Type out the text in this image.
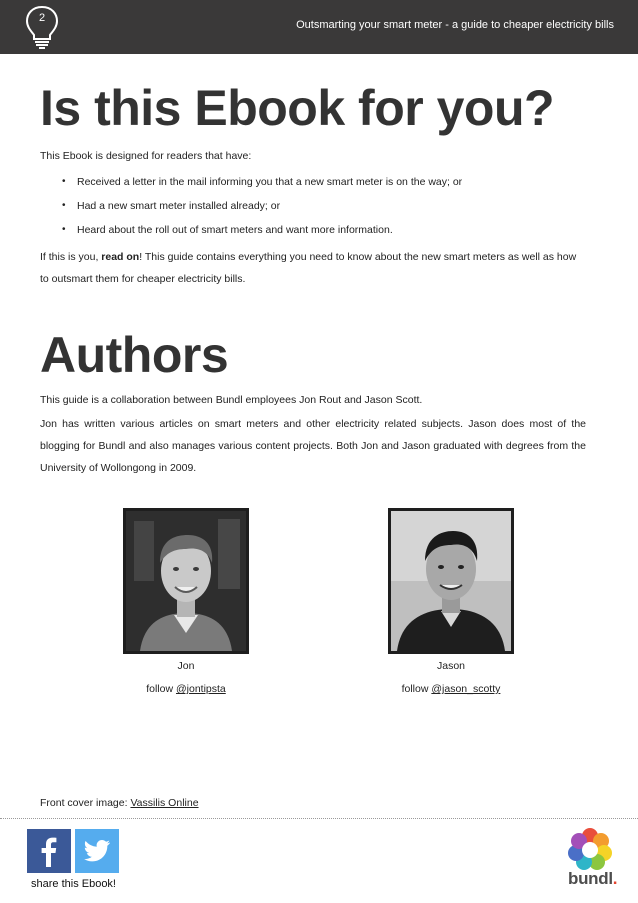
2
Outsmarting your smart meter - a guide to cheaper electricity bills
Is this Ebook for you?
This Ebook is designed for readers that have:
• Received a letter in the mail informing you that a new smart meter is on the way; or
• Had a new smart meter installed already; or
• Heard about the roll out of smart meters and want more information.
If this is you, read on! This guide contains everything you need to know about the new smart meters as well as how to outsmart them for cheaper electricity bills.
Authors
This guide is a collaboration between Bundl employees Jon Rout and Jason Scott.
Jon has written various articles on smart meters and other electricity related subjects. Jason does most of the blogging for Bundl and also manages various content projects. Both Jon and Jason graduated with degrees from the University of Wollongong in 2009.
Jon
follow @jontipsta
Jason
follow @jason_scotty
Front cover image: Vassilis Online
share this Ebook!	bundl.
